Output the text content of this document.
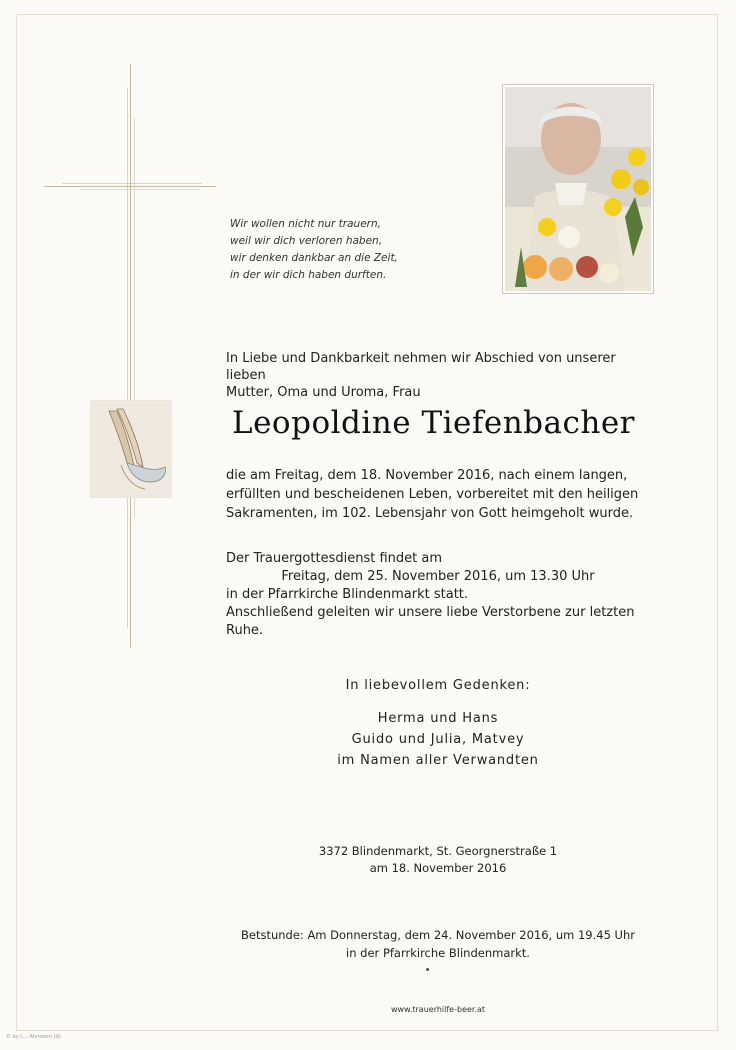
Wir wollen nicht nur trauern,
weil wir dich verloren haben,
wir denken dankbar an die Zeit,
in der wir dich haben durften.
In Liebe und Dankbarkeit nehmen wir Abschied von unserer lieben
Mutter, Oma und Uroma, Frau
Leopoldine Tiefenbacher
die am Freitag, dem 18. November 2016, nach einem langen,
erfüllten und bescheidenen Leben, vorbereitet mit den heiligen
Sakramenten, im 102. Lebensjahr von Gott heimgeholt wurde.
Der Trauergottesdienst findet am
Freitag, dem 25. November 2016, um 13.30 Uhr
in der Pfarrkirche Blindenmarkt statt.
Anschließend geleiten wir unsere liebe Verstorbene zur letzten
Ruhe.
In liebevollem Gedenken:
Herma und Hans
Guido und Julia, Matvey
im Namen aller Verwandten
3372 Blindenmarkt, St. Georgnerstraße 1
am 18. November 2016
Betstunde: Am Donnerstag, dem 24. November 2016, um 19.45 Uhr
in der Pfarrkirche Blindenmarkt.
www.trauerhilfe-beer.at
© by L... Ahnstern (d)
